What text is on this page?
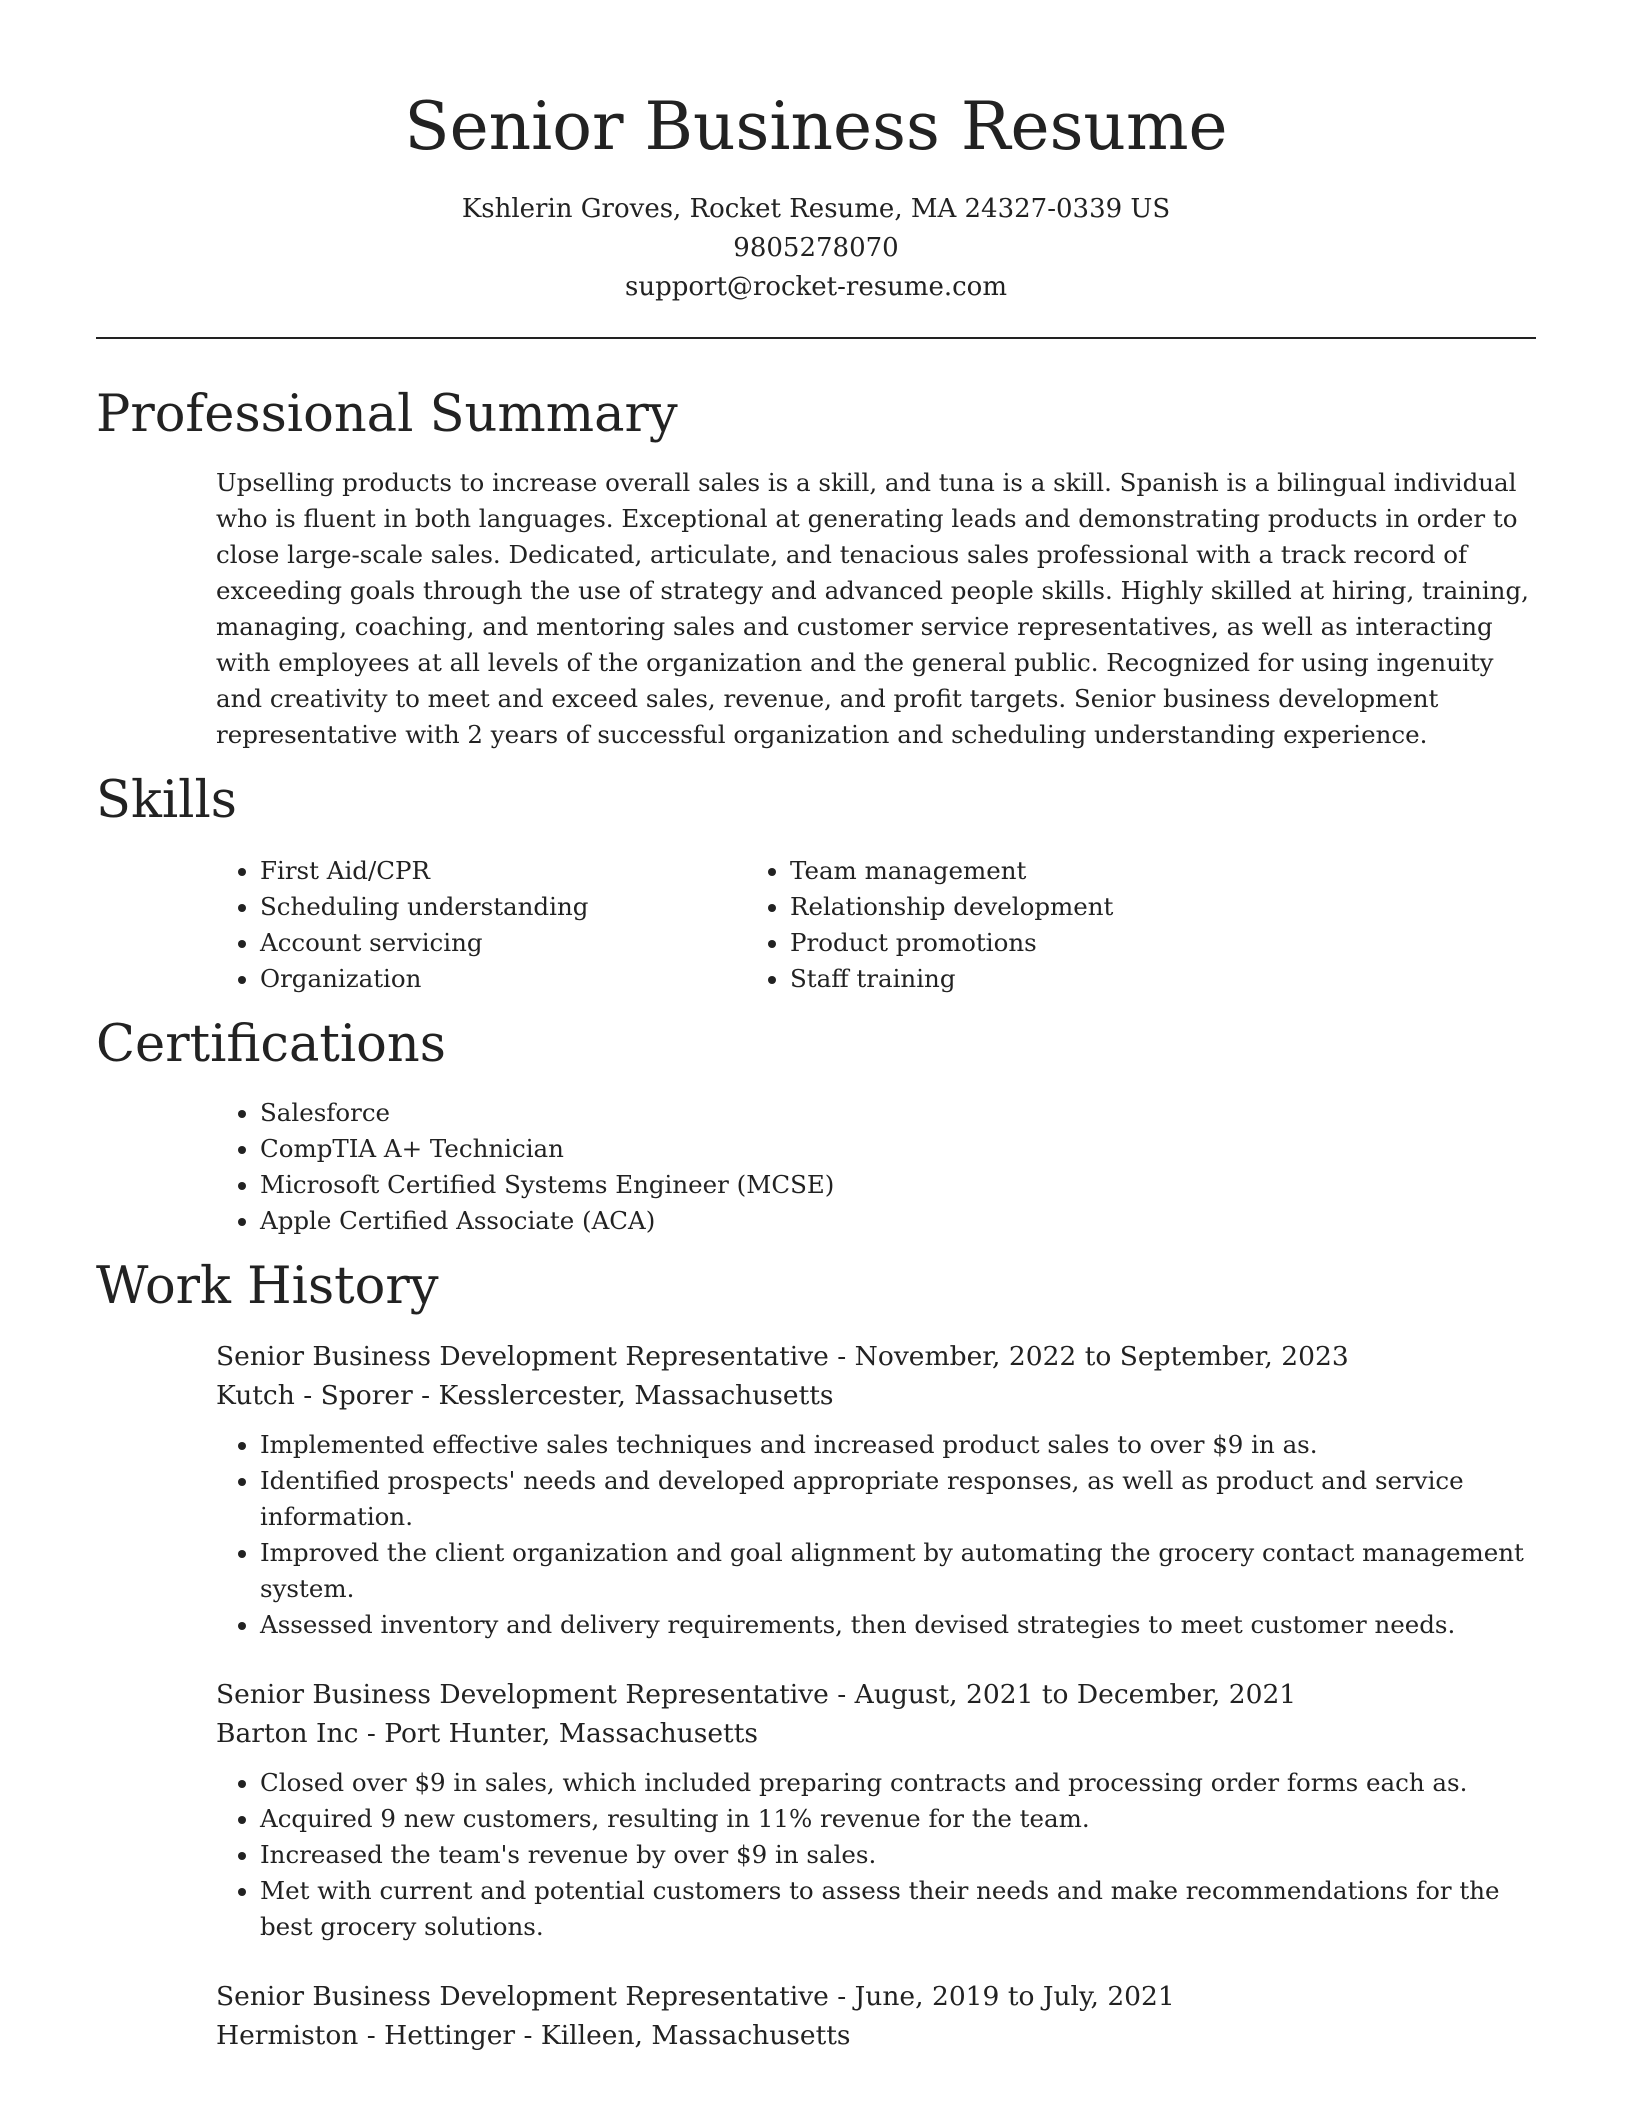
Senior Business Resume
Kshlerin Groves, Rocket Resume, MA 24327-0339 US
9805278070
support@rocket-resume.com
Professional Summary

Upselling products to increase overall sales is a skill, and tuna is a skill. Spanish is a bilingual individual who is fluent in both languages. Exceptional at generating leads and demonstrating products in order to close large-scale sales. Dedicated, articulate, and tenacious sales professional with a track record of exceeding goals through the use of strategy and advanced people skills. Highly skilled at hiring, training, managing, coaching, and mentoring sales and customer service representatives, as well as interacting with employees at all levels of the organization and the general public. Recognized for using ingenuity and creativity to meet and exceed sales, revenue, and profit targets. Senior business development representative with 2 years of successful organization and scheduling understanding experience.

Skills
• First Aid/CPR
• Scheduling understanding
• Account servicing
• Organization
• Team management
• Relationship development
• Product promotions
• Staff training
Certifications
• Salesforce
• CompTIA A+ Technician
• Microsoft Certified Systems Engineer (MCSE)
• Apple Certified Associate (ACA)
Work History
Senior Business Development Representative - November, 2022 to September, 2023
Kutch - Sporer - Kesslercester, Massachusetts
• Implemented effective sales techniques and increased product sales to over $9 in as.
• Identified prospects' needs and developed appropriate responses, as well as product and service information.
• Improved the client organization and goal alignment by automating the grocery contact management system.
• Assessed inventory and delivery requirements, then devised strategies to meet customer needs.
Senior Business Development Representative - August, 2021 to December, 2021
Barton Inc - Port Hunter, Massachusetts
• Closed over $9 in sales, which included preparing contracts and processing order forms each as.
• Acquired 9 new customers, resulting in 11% revenue for the team.
• Increased the team's revenue by over $9 in sales.
• Met with current and potential customers to assess their needs and make recommendations for the best grocery solutions.
Senior Business Development Representative - June, 2019 to July, 2021
Hermiston - Hettinger - Killeen, Massachusetts
